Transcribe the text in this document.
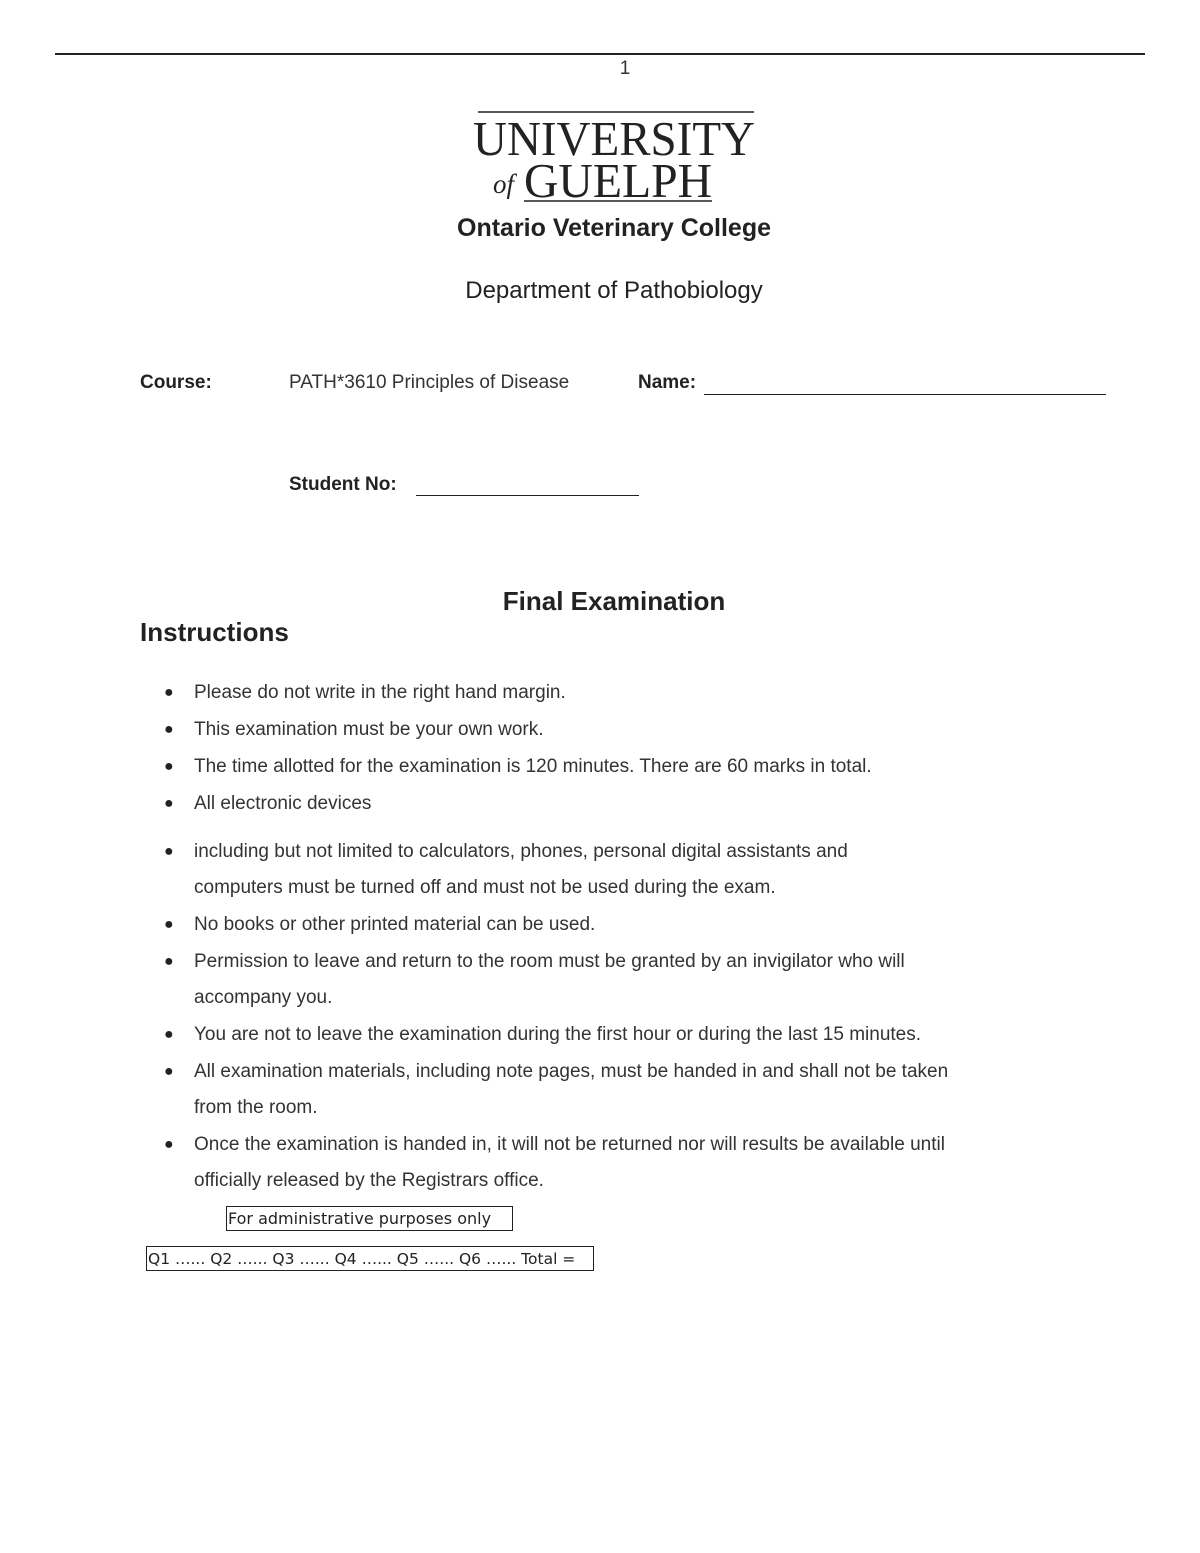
1
UNIVERSITY
of GUELPH
Ontario Veterinary College
Department of Pathobiology
Course:	PATH*3610 Principles of Disease	Name:
Student No:
Final Examination
Instructions
● Please do not write in the right hand margin.
● This examination must be your own work.
● The time allotted for the examination is 120 minutes. There are 60 marks in total.
● All electronic devices
● including but not limited to calculators, phones, personal digital assistants and
computers must be turned off and must not be used during the exam.
● No books or other printed material can be used.
● Permission to leave and return to the room must be granted by an invigilator who will
accompany you.
● You are not to leave the examination during the first hour or during the last 15 minutes.
● All examination materials, including note pages, must be handed in and shall not be taken
from the room.
● Once the examination is handed in, it will not be returned nor will results be available until
officially released by the Registrars office.
For administrative purposes only
Q1 …... Q2 …... Q3 …... Q4 …... Q5 …... Q6 …... Total =
